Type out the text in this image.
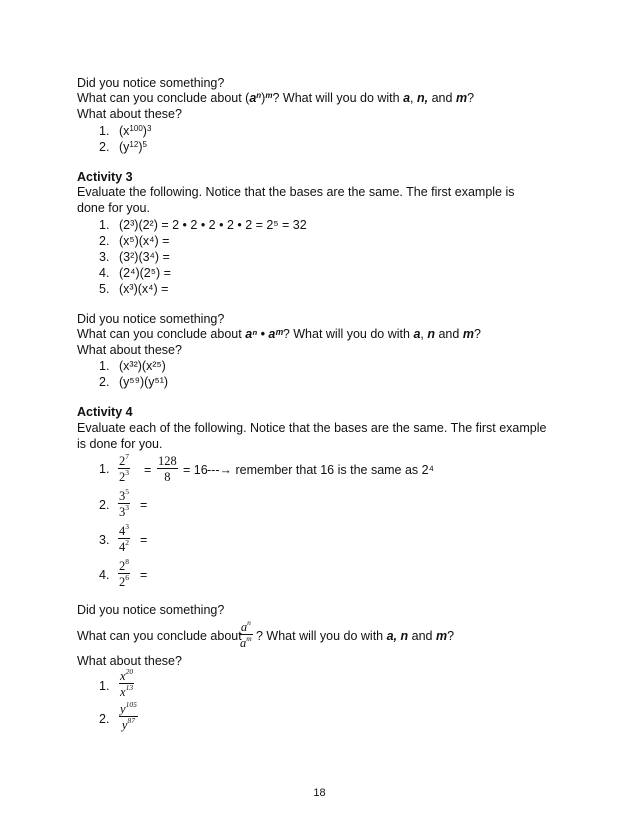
Did you notice something?
What can you conclude about $(a^n)^m$? What will you do with a, n, and m?
What about these?
1. $(x^{100})^3$
2. $(y^{12})^5$
Activity 3
Evaluate the following. Notice that the bases are the same. The first example is
done for you.
1. (2³)(2²) = 2 • 2 • 2 • 2 • 2 = 2⁵ = 32
2. (x⁵)(x⁴) =
3. (3²)(3⁴) =
4. (2⁴)(2⁵) =
5. (x³)(x⁴) =
Did you notice something?
What can you conclude about aⁿ • aᵐ? What will you do with a, n and m?
What about these?
1. (x³²)(x²⁵)
2. (y⁵⁹)(y⁵¹)
Activity 4
Evaluate each of the following. Notice that the bases are the same. The first example
is done for you.
1. $\frac{2^7}{2^3} = \frac{128}{8} = 16$ ---→ remember that 16 is the same as 2⁴
2. $\frac{3^5}{3^3}$ =
3. $\frac{4^3}{4^2}$ =
4. $\frac{2^8}{2^6}$ =
Did you notice something?
What can you conclude about
$\frac{a^n}{a^m}$ ? What will you do with a, n and m?
What about these?
1. $\frac{x^{20}}{x^{13}}$
2. $\frac{y^{105}}{y^{87}}$
18
